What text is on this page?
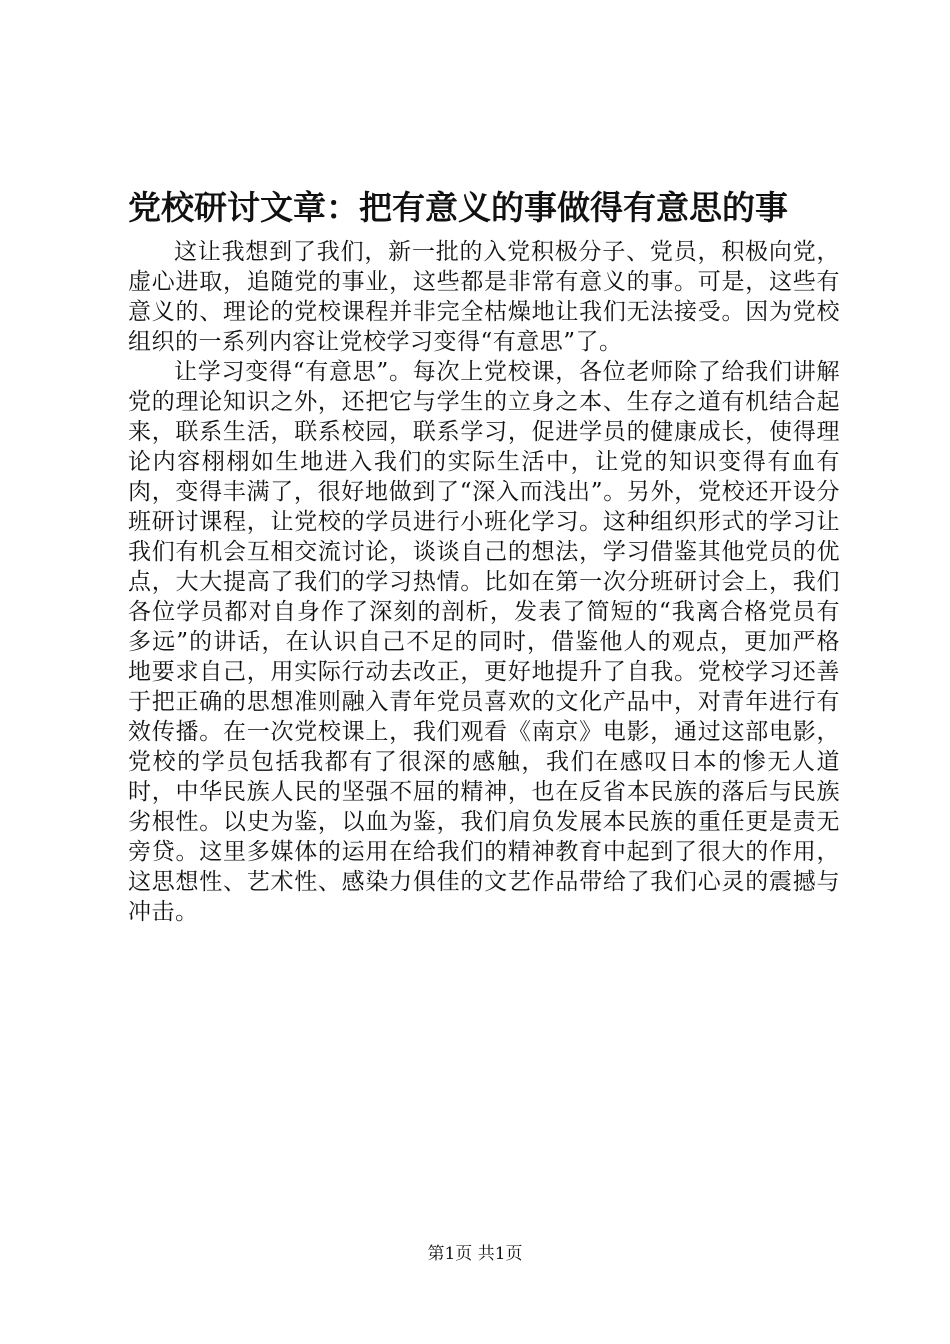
党校研讨文章：把有意义的事做得有意思的事

这让我想到了我们，新一批的入党积极分子、党员，积极向党，虚心进取，追随党的事业，这些都是非常有意义的事。可是，这些有意义的、理论的党校课程并非完全枯燥地让我们无法接受。因为党校组织的一系列内容让党校学习变得“有意思”了。

让学习变得“有意思”。每次上党校课，各位老师除了给我们讲解党的理论知识之外，还把它与学生的立身之本、生存之道有机结合起来，联系生活，联系校园，联系学习，促进学员的健康成长，使得理论内容栩栩如生地进入我们的实际生活中，让党的知识变得有血有肉，变得丰满了，很好地做到了“深入而浅出”。另外，党校还开设分班研讨课程，让党校的学员进行小班化学习。这种组织形式的学习让我们有机会互相交流讨论，谈谈自己的想法，学习借鉴其他党员的优点，大大提高了我们的学习热情。比如在第一次分班研讨会上，我们各位学员都对自身作了深刻的剖析，发表了简短的“我离合格党员有多远”的讲话，在认识自己不足的同时，借鉴他人的观点，更加严格地要求自己，用实际行动去改正，更好地提升了自我。党校学习还善于把正确的思想准则融入青年党员喜欢的文化产品中，对青年进行有效传播。在一次党校课上，我们观看《南京》电影，通过这部电影，党校的学员包括我都有了很深的感触，我们在感叹日本的惨无人道时，中华民族人民的坚强不屈的精神，也在反省本民族的落后与民族劣根性。以史为鉴，以血为鉴，我们肩负发展本民族的重任更是责无旁贷。这里多媒体的运用在给我们的精神教育中起到了很大的作用，这思想性、艺术性、感染力俱佳的文艺作品带给了我们心灵的震撼与冲击。

第1页 共1页
